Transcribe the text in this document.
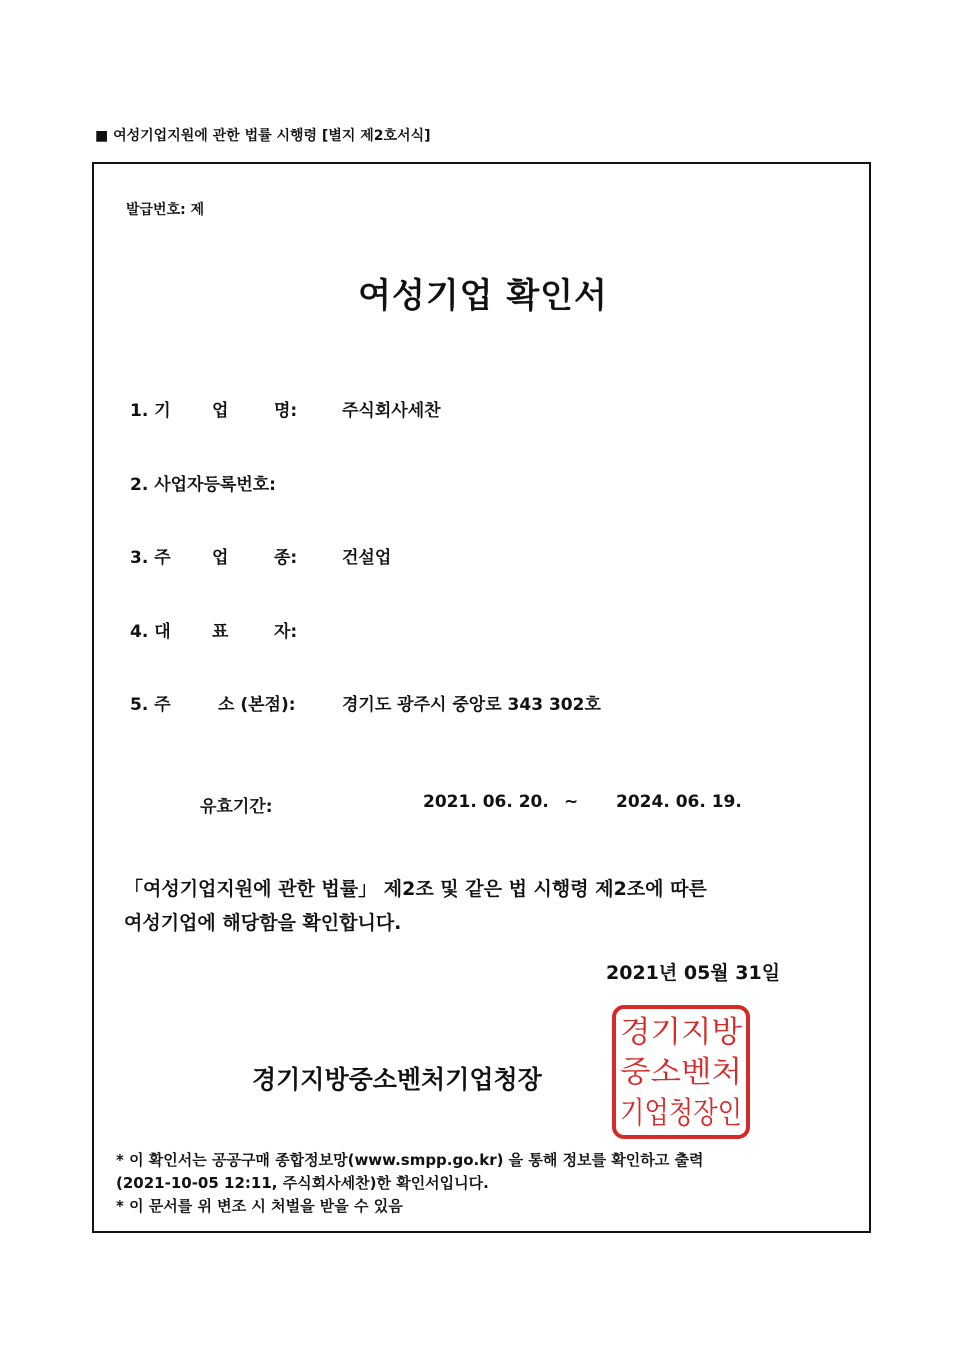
■ 여성기업지원에 관한 법률 시행령 [별지 제2호서식]
발급번호: 제
여성기업 확인서
1. 기 업	명:	주식회사세찬
2. 사업자등록번호:
3. 주 업	종:	건설업
4. 대 표	자:
5. 주	소 (본점):	경기도 광주시 중앙로 343 302호
유효기간:	2021. 06. 20. ~ 2024. 06. 19.
「여성기업지원에 관한 법률」 제2조 및 같은 법 시행령 제2조에 따른
여성기업에 해당함을 확인합니다.
2021년 05월 31일
경기지방중소벤처기업청장
경기지방
중소벤처
기업청장인
* 이 확인서는 공공구매 종합정보망(www.smpp.go.kr) 을 통해 정보를 확인하고 출력
(2021-10-05 12:11, 주식회사세찬)한 확인서입니다.
* 이 문서를 위 변조 시 처벌을 받을 수 있음
